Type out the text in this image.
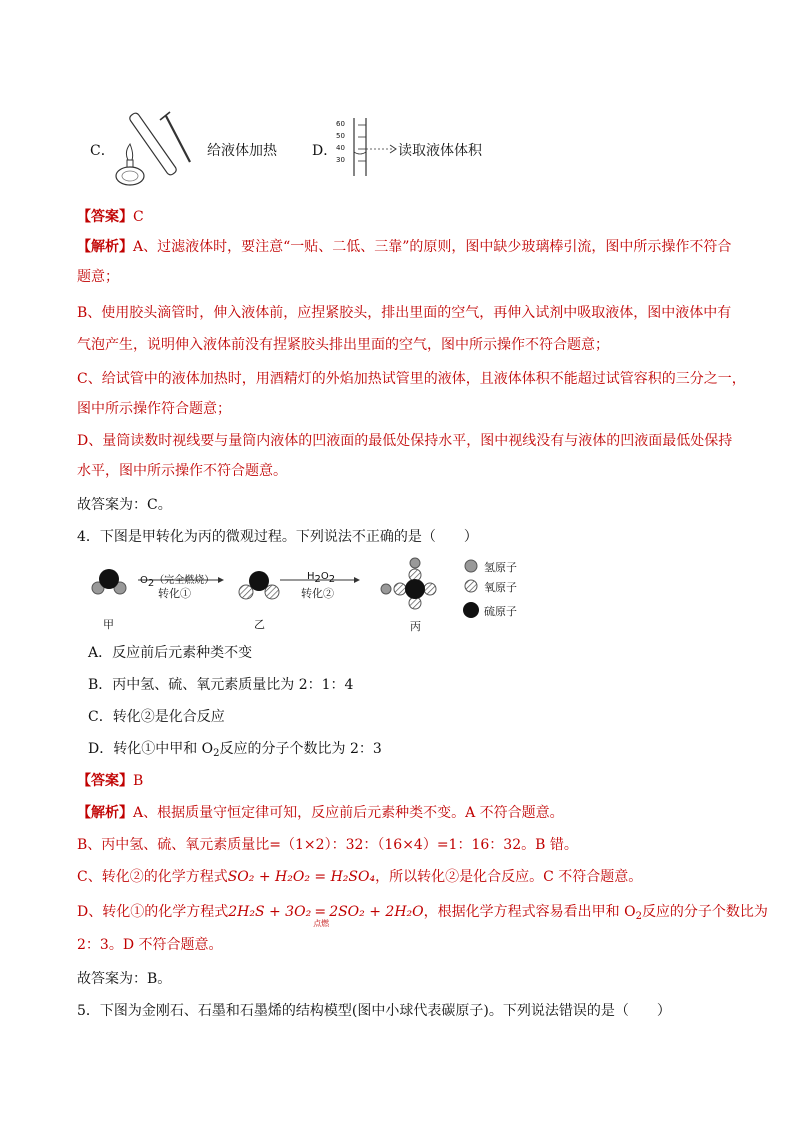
C．	给液体加热	D．
60
50
40
30
读取液体体积
【答案】C
【解析】A、过滤液体时，要注意“一贴、二低、三靠”的原则，图中缺少玻璃棒引流，图中所示操作不符合
题意；
B、使用胶头滴管时，伸入液体前，应捏紧胶头，排出里面的空气，再伸入试剂中吸取液体，图中液体中有
气泡产生，说明伸入液体前没有捏紧胶头排出里面的空气，图中所示操作不符合题意；
C、给试管中的液体加热时，用酒精灯的外焰加热试管里的液体，且液体体积不能超过试管容积的三分之一，
图中所示操作符合题意；
D、量筒读数时视线要与量筒内液体的凹液面的最低处保持水平，图中视线没有与液体的凹液面最低处保持
水平，图中所示操作不符合题意。
故答案为：C。
4．下图是甲转化为丙的微观过程。下列说法不正确的是（　　）
O2（完全燃烧）
转化①
H2O2
转化②
甲	乙	丙
氢原子
氧原子
硫原子
A．反应前后元素种类不变
B．丙中氢、硫、氧元素质量比为 2：1：4
C．转化②是化合反应
D．转化①中甲和 $O_2$反应的分子个数比为 2：3
【答案】B
【解析】A、根据质量守恒定律可知，反应前后元素种类不变。A 不符合题意。
B、丙中氢、硫、氧元素质量比=（1×2）：32：（16×4）=1：16：32。B 错。
C、转化②的化学方程式SO₂ + H₂O₂ = H₂SO₄，所以转化②是化合反应。C 不符合题意。
D、转化①的化学方程式2H₂S + 3O₂ =
点燃
2SO₂ + 2H₂O，根据化学方程式容易看出甲和 $O_2$反应的分子个数比为
2：3。D 不符合题意。
故答案为：B。
5．下图为金刚石、石墨和石墨烯的结构模型(图中小球代表碳原子)。下列说法错误的是（　　）
